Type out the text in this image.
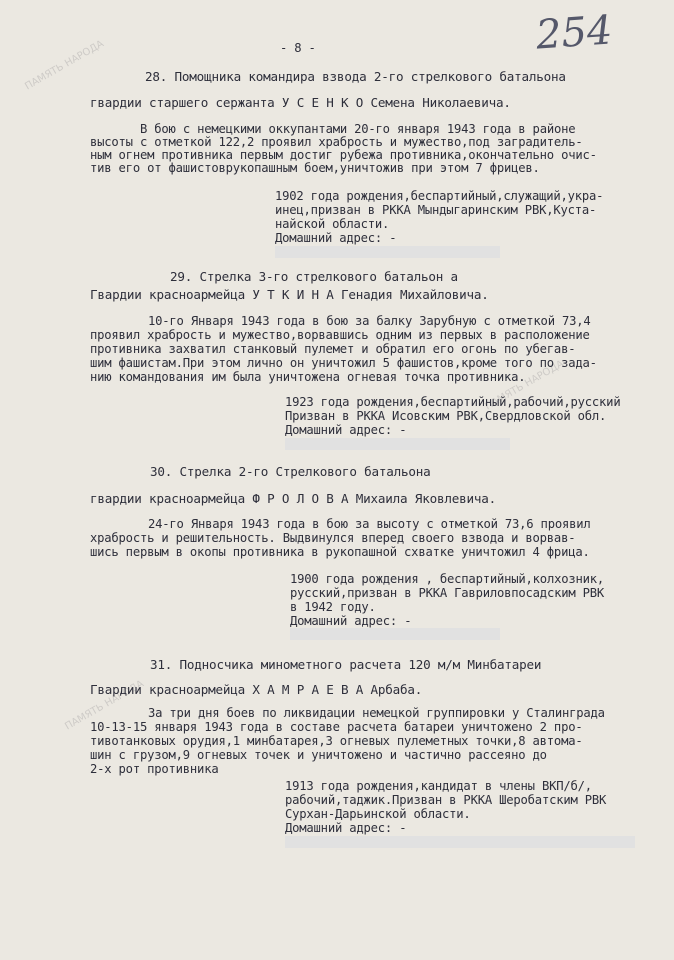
ПАМЯТЬ НАРОДА
ПАМЯТЬ НАРОДА
ПАМЯТЬ НАРОДА
254
- 8 -
28. Помощника командира взвода 2-го стрелкового батальона
гвардии старшего сержанта У С Е Н К О Семена Николаевича.
В бою с немецкими оккупантами 20-го января 1943 года в районе
высоты с отметкой 122,2 проявил храбрость и мужество,под заградитель-
ным огнем противника первым достиг рубежа противника,окончательно очис-
тив его от фашистоврукопашным боем,уничтожив при этом 7 фрицев.
1902 года рождения,беспартийный,служащий,укра-
инец,призван в РККА Мындыгаринским РВК,Куста-
найской области.
Домашний адрес: -
29. Стрелка 3-го стрелкового батальон а
Гвардии красноармейца У Т К И Н А Генадия Михайловича.
10-го Января 1943 года в бою за балку Зарубную с отметкой 73,4
проявил храбрость и мужество,ворвавшись одним из первых в расположение
противника захватил станковый пулемет и обратил его огонь по убегав-
шим фашистам.При этом лично он уничтожил 5 фашистов,кроме того по зада-
нию командования им была уничтожена огневая точка противника.
1923 года рождения,беспартийный,рабочий,русский
Призван в РККА Исовским РВК,Свердловской обл.
Домашний адрес: -
30. Стрелка 2-го Стрелкового батальона
гвардии красноармейца Ф Р О Л О В А Михаила Яковлевича.
24-го Января 1943 года в бою за высоту с отметкой 73,6 проявил
храбрость и решительность. Выдвинулся вперед своего взвода и ворвав-
шись первым в окопы противника в рукопашной схватке уничтожил 4 фрица.
1900 года рождения , беспартийный,колхозник,
русский,призван в РККА Гавриловпосадским РВК
в 1942 году.
Домашний адрес: -
31. Подносчика минометного расчета 120 м/м Минбатареи
Гвардии красноармейца Х А М Р А Е В А Арбаба.
За три дня боев по ликвидации немецкой группировки у Сталинграда
10-13-15 января 1943 года в составе расчета батареи уничтожено 2 про-
тивотанковых орудия,1 минбатарея,3 огневых пулеметных точки,8 автома-
шин с грузом,9 огневых точек и уничтожено и частично рассеяно до
2-х рот противника
1913 года рождения,кандидат в члены ВКП/б/,
рабочий,таджик.Призван в РККА Шеробатским РВК
Сурхан-Дарьинской области.
Домашний адрес: -
